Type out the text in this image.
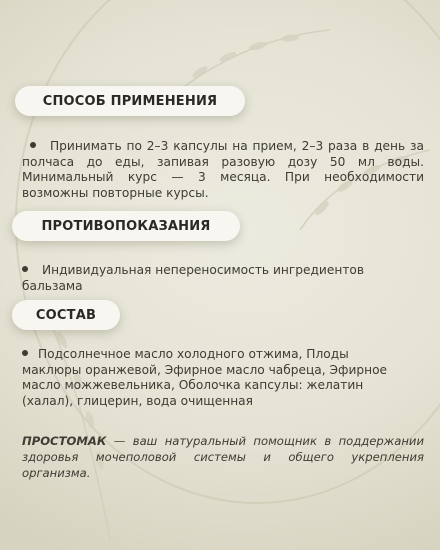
СПОСОБ ПРИМЕНЕНИЯ
Принимать по 2–3 капсулы на прием, 2–3 раза в день за полчаса до еды, запивая разовую дозу 50 мл воды. Минимальный курс — 3 месяца. При необходимости возможны повторные курсы.
ПРОТИВОПОКАЗАНИЯ
Индивидуальная непереносимость ингредиентов бальзама
СОСТАВ
Подсолнечное масло холодного отжима, Плоды маклюры оранжевой, Эфирное масло чабреца, Эфирное масло можжевельника, Оболочка капсулы: желатин (халал), глицерин, вода очищенная
ПРОСТОМАК — ваш натуральный помощник в поддержании здоровья мочеполовой системы и общего укрепления организма.
